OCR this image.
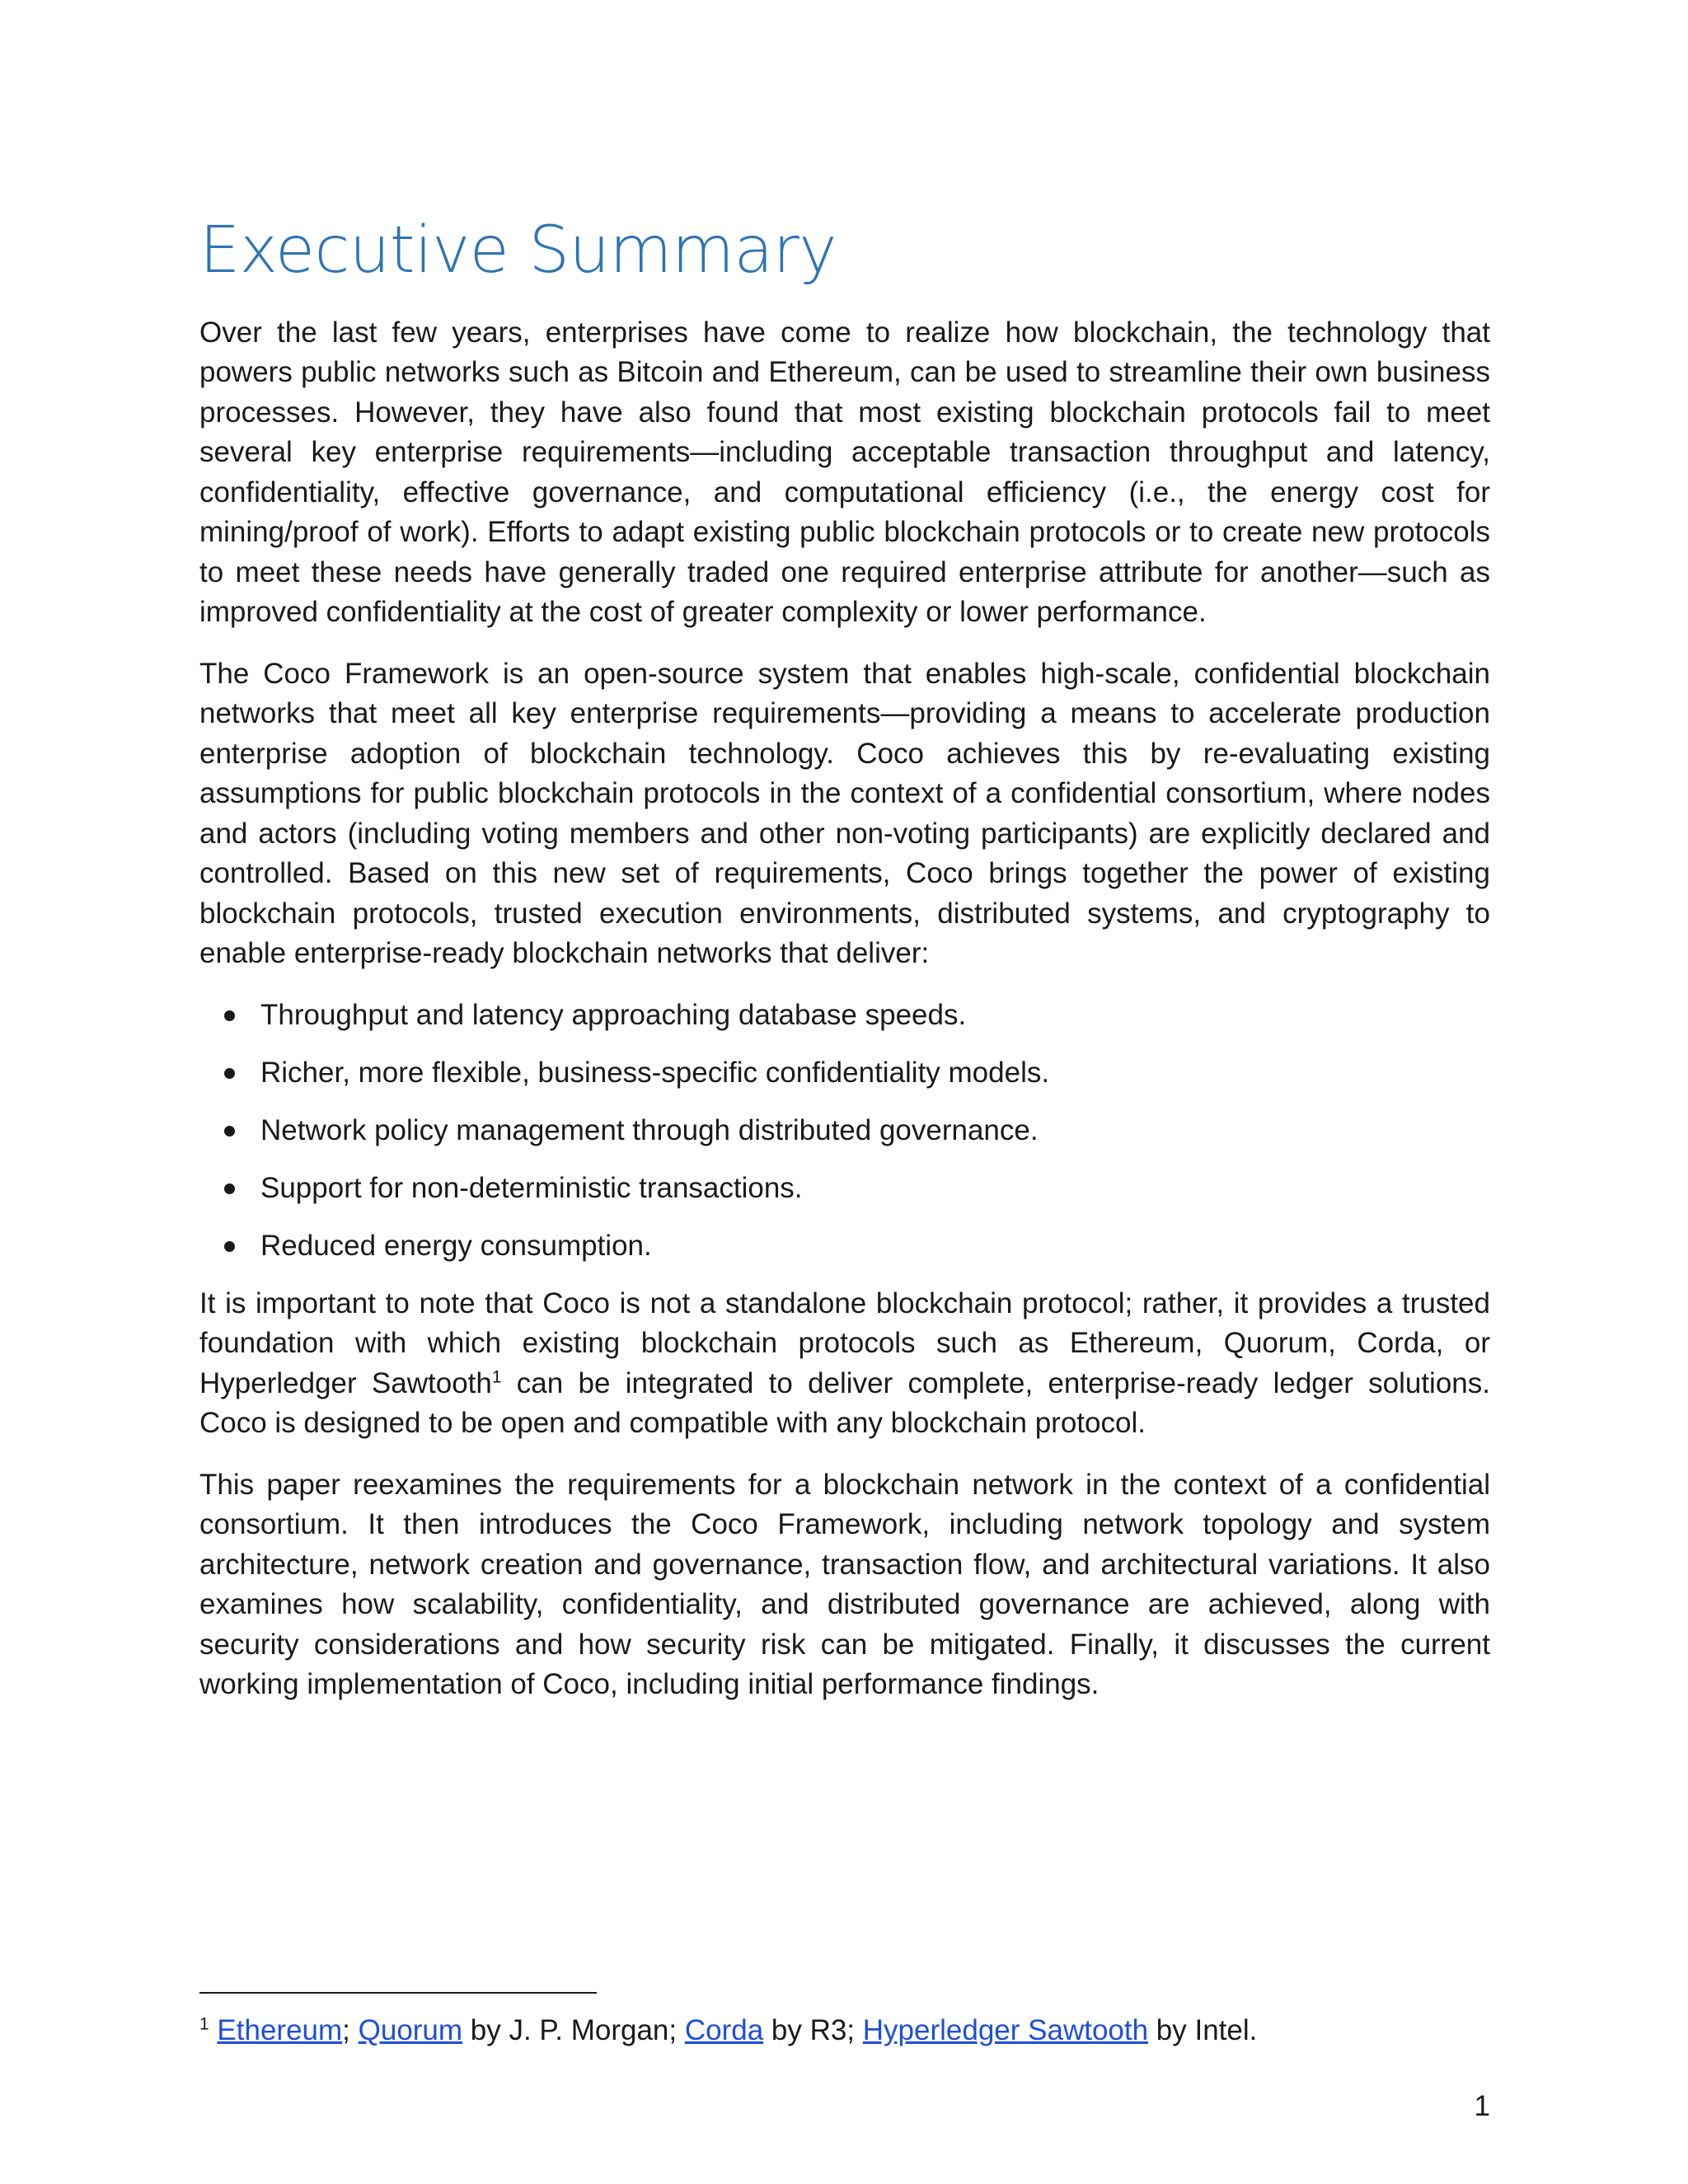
Executive Summary

Over the last few years, enterprises have come to realize how blockchain, the technology that powers public networks such as Bitcoin and Ethereum, can be used to streamline their own business processes. However, they have also found that most existing blockchain protocols fail to meet several key enterprise requirements—including acceptable transaction throughput and latency, confidentiality, effective governance, and computational efficiency (i.e., the energy cost for mining/proof of work). Efforts to adapt existing public blockchain protocols or to create new protocols to meet these needs have generally traded one required enterprise attribute for another—such as improved confidentiality at the cost of greater complexity or lower performance.

The Coco Framework is an open-source system that enables high-scale, confidential blockchain networks that meet all key enterprise requirements—providing a means to accelerate production enterprise adoption of blockchain technology. Coco achieves this by re-evaluating existing assumptions for public blockchain protocols in the context of a confidential consortium, where nodes and actors (including voting members and other non-voting participants) are explicitly declared and controlled. Based on this new set of requirements, Coco brings together the power of existing blockchain protocols, trusted execution environments, distributed systems, and cryptography to enable enterprise-ready blockchain networks that deliver:

Throughput and latency approaching database speeds.
Richer, more flexible, business-specific confidentiality models.
Network policy management through distributed governance.
Support for non-deterministic transactions.
Reduced energy consumption.

It is important to note that Coco is not a standalone blockchain protocol; rather, it provides a trusted foundation with which existing blockchain protocols such as Ethereum, Quorum, Corda, or Hyperledger Sawtooth$^1$ can be integrated to deliver complete, enterprise-ready ledger solutions. Coco is designed to be open and compatible with any blockchain protocol.

This paper reexamines the requirements for a blockchain network in the context of a confidential consortium. It then introduces the Coco Framework, including network topology and system architecture, network creation and governance, transaction flow, and architectural variations. It also examines how scalability, confidentiality, and distributed governance are achieved, along with security considerations and how security risk can be mitigated. Finally, it discusses the current working implementation of Coco, including initial performance findings.

$^1$ Ethereum; Quorum by J. P. Morgan; Corda by R3; Hyperledger Sawtooth by Intel.
1
